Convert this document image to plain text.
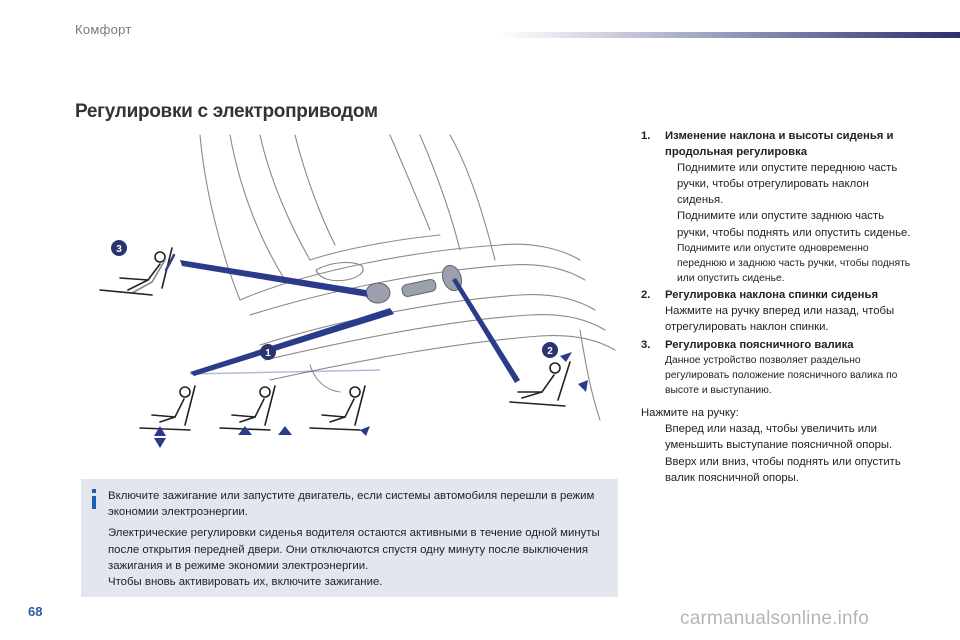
Комфорт
Регулировки с электроприводом
3
1	2
1.	Изменение наклона и высоты сиденья и продольная регулировка
Поднимите или опустите переднюю часть ручки, чтобы отрегулировать наклон сиденья.
Поднимите или опустите заднюю часть ручки, чтобы поднять или опустить сиденье.
Поднимите или опустите одновременно переднюю и заднюю часть ручки, чтобы поднять или опустить сиденье.
2.	Регулировка наклона спинки сиденья
Нажмите на ручку вперед или назад, чтобы отрегулировать наклон спинки.
3.	Регулировка поясничного валика
Данное устройство позволяет раздельно регулировать положение поясничного валика по высоте и выступанию.
Нажмите на ручку:
Вперед или назад, чтобы увеличить или уменьшить выступание поясничной опоры.
Вверх или вниз, чтобы поднять или опустить валик поясничной опоры.

Включите зажигание или запустите двигатель, если системы автомобиля перешли в режим экономии электроэнергии.

Электрические регулировки сиденья водителя остаются активными в течение одной минуты после открытия передней двери. Они отключаются спустя одну минуту после выключения зажигания и в режиме экономии электроэнергии.
Чтобы вновь активировать их, включите зажигание.

68	carmanualsonline.info
